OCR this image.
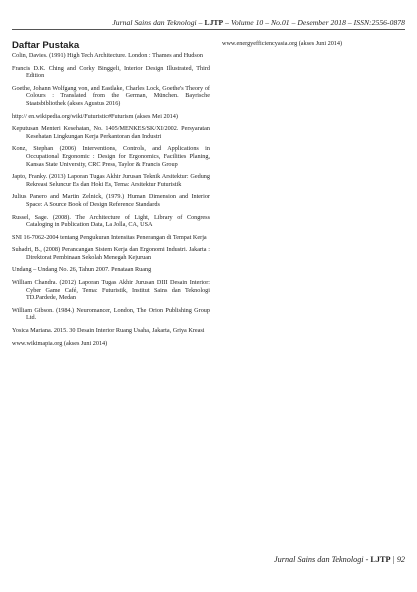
Jurnal Sains dan Teknologi – LJTP – Volume 10 – No.01 – Desember 2018 – ISSN:2556-0878
Daftar Pustaka
Colin, Davies. (1991) High Tech Architecture. London : Thames and Hudson
Francis D.K. Ching and Corky Binggeli, Interior Design Illustrated, Third Edition
Goethe, Johann Wolfgang von, and Eastlake, Charles Lock, Goethe's Theory of Colours : Translated from the German, München. Bayrische Staatsbibliothek (akses Agustus 2016)
http:// en.wikipedia.org/wiki/Futuristic#Futurism (akses Mei 2014)
Keputusan Menteri Kesehatan, No. 1405/MENKES/SK/XI/2002. Persyaratan Kesehatan Lingkungan Kerja Perkantoran dan Industri
Konz, Stephan (2006) Interventions, Controls, and Applications in Occupational Ergonomic : Design for Ergonomics, Facilities Planing, Kansas State University, CRC Press, Taylor & Francis Group
Japto, Franky. (2013) Laporan Tugas Akhir Jurusan Teknik Arsitektur: Gedung Rekreasi Seluncur Es dan Hoki Es, Tema: Arsitektur Futuristik
Julius Panero and Martin Zelnick, (1979.) Human Dimension and Interior Space: A Source Book of Design Reference Standards
Russel, Sage. (2008). The Architecture of Light, Library of Congress Cataloging in Publication Data, La Jolla, CA, USA
SNI 16-7062-2004 tentang Pengukuran Intensitas Penerangan di Tempat Kerja
Suhadri, B., (2008) Perancangan Sistem Kerja dan Ergonomi Industri. Jakarta : Direktorat Pembinaan Sekolah Menegah Kejuruan
Undang – Undang No. 26, Tahun 2007. Penataan Ruang
William Chandra. (2012) Laporan Tugas Akhir Jurusan DIII Desain Interior: Cyber Game Café, Tema: Futuristik, Institut Sains dan Teknologi TD.Pardede, Medan
William Gibson. (1984.) Neuromancer, London, The Orion Publishing Group Ltd.
Yosica Mariana. 2015. 30 Desain Interior Ruang Usaha, Jakarta, Griya Kreasi
www.wikimapia.org (akses Juni 2014)
www.energyefficiencyasia.org (akses Juni 2014)
Jurnal Sains dan Teknologi - LJTP | 92
